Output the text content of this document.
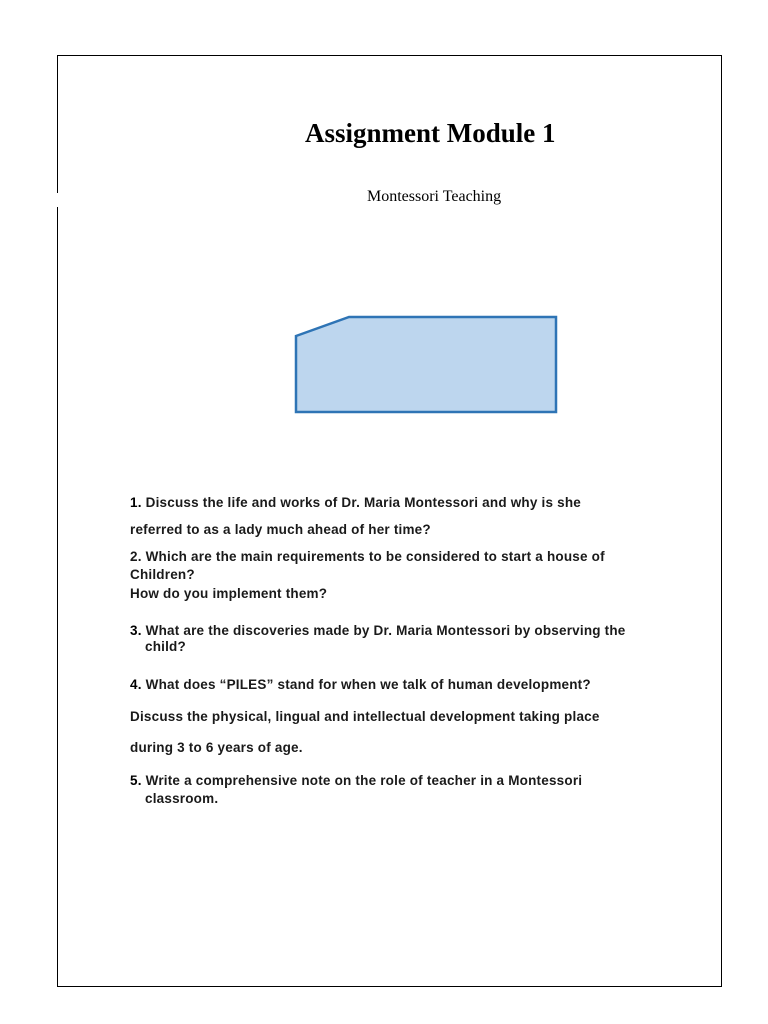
Assignment Module 1
Montessori Teaching
1. Discuss the life and works of Dr. Maria Montessori and why is she
referred to as a lady much ahead of her time?
2. Which are the main requirements to be considered to start a house of
Children?
How do you implement them?
3. What are the discoveries made by Dr. Maria Montessori by observing the
child?
4. What does “PILES” stand for when we talk of human development?
Discuss the physical, lingual and intellectual development taking place
during 3 to 6 years of age.
5. Write a comprehensive note on the role of teacher in a Montessori
classroom.
